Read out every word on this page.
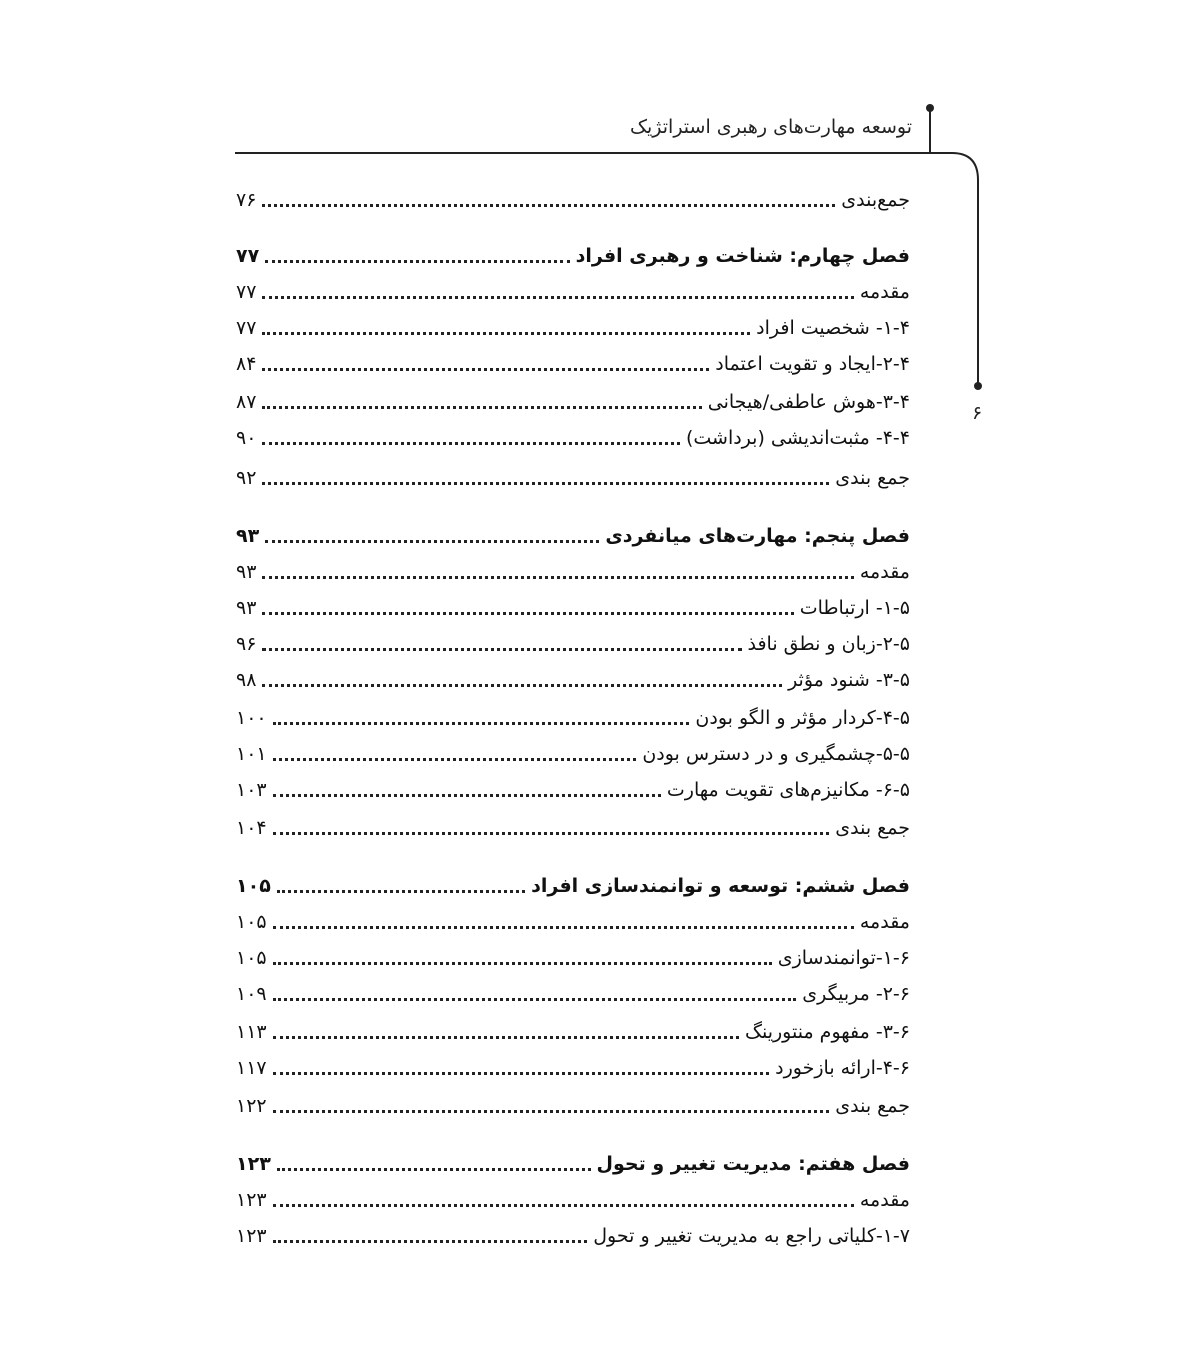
توسعه مهارت‌های رهبری استراتژیک
۶
جمع‌بندی
۷۶
فصل چهارم: شناخت و رهبری افراد
۷۷
مقدمه
۷۷
۱-۴- شخصیت افراد
۷۷
۲-۴-ایجاد و تقویت اعتماد
۸۴
۳-۴-هوش عاطفی/هیجانی
۸۷
۴-۴- مثبت‌اندیشی (برداشت)
۹۰
جمع بندی
۹۲
فصل پنجم: مهارت‌های میانفردی
۹۳
مقدمه
۹۳
۱-۵- ارتباطات
۹۳
۲-۵-زبان و نطق نافذ
۹۶
۳-۵- شنود مؤثر
۹۸
۴-۵-کردار مؤثر و الگو بودن
۱۰۰
۵-۵-چشمگیری و در دسترس بودن
۱۰۱
۶-۵- مکانیزم‌های تقویت مهارت
۱۰۳
جمع بندی
۱۰۴
فصل ششم: توسعه و توانمندسازی افراد
۱۰۵
مقدمه
۱۰۵
۱-۶-توانمندسازی
۱۰۵
۲-۶- مربیگری
۱۰۹
۳-۶- مفهوم منتورینگ
۱۱۳
۴-۶-ارائه بازخورد
۱۱۷
جمع بندی
۱۲۲
فصل هفتم: مدیریت تغییر و تحول
۱۲۳
مقدمه
۱۲۳
۱-۷-کلیاتی راجع به مدیریت تغییر و تحول
۱۲۳
